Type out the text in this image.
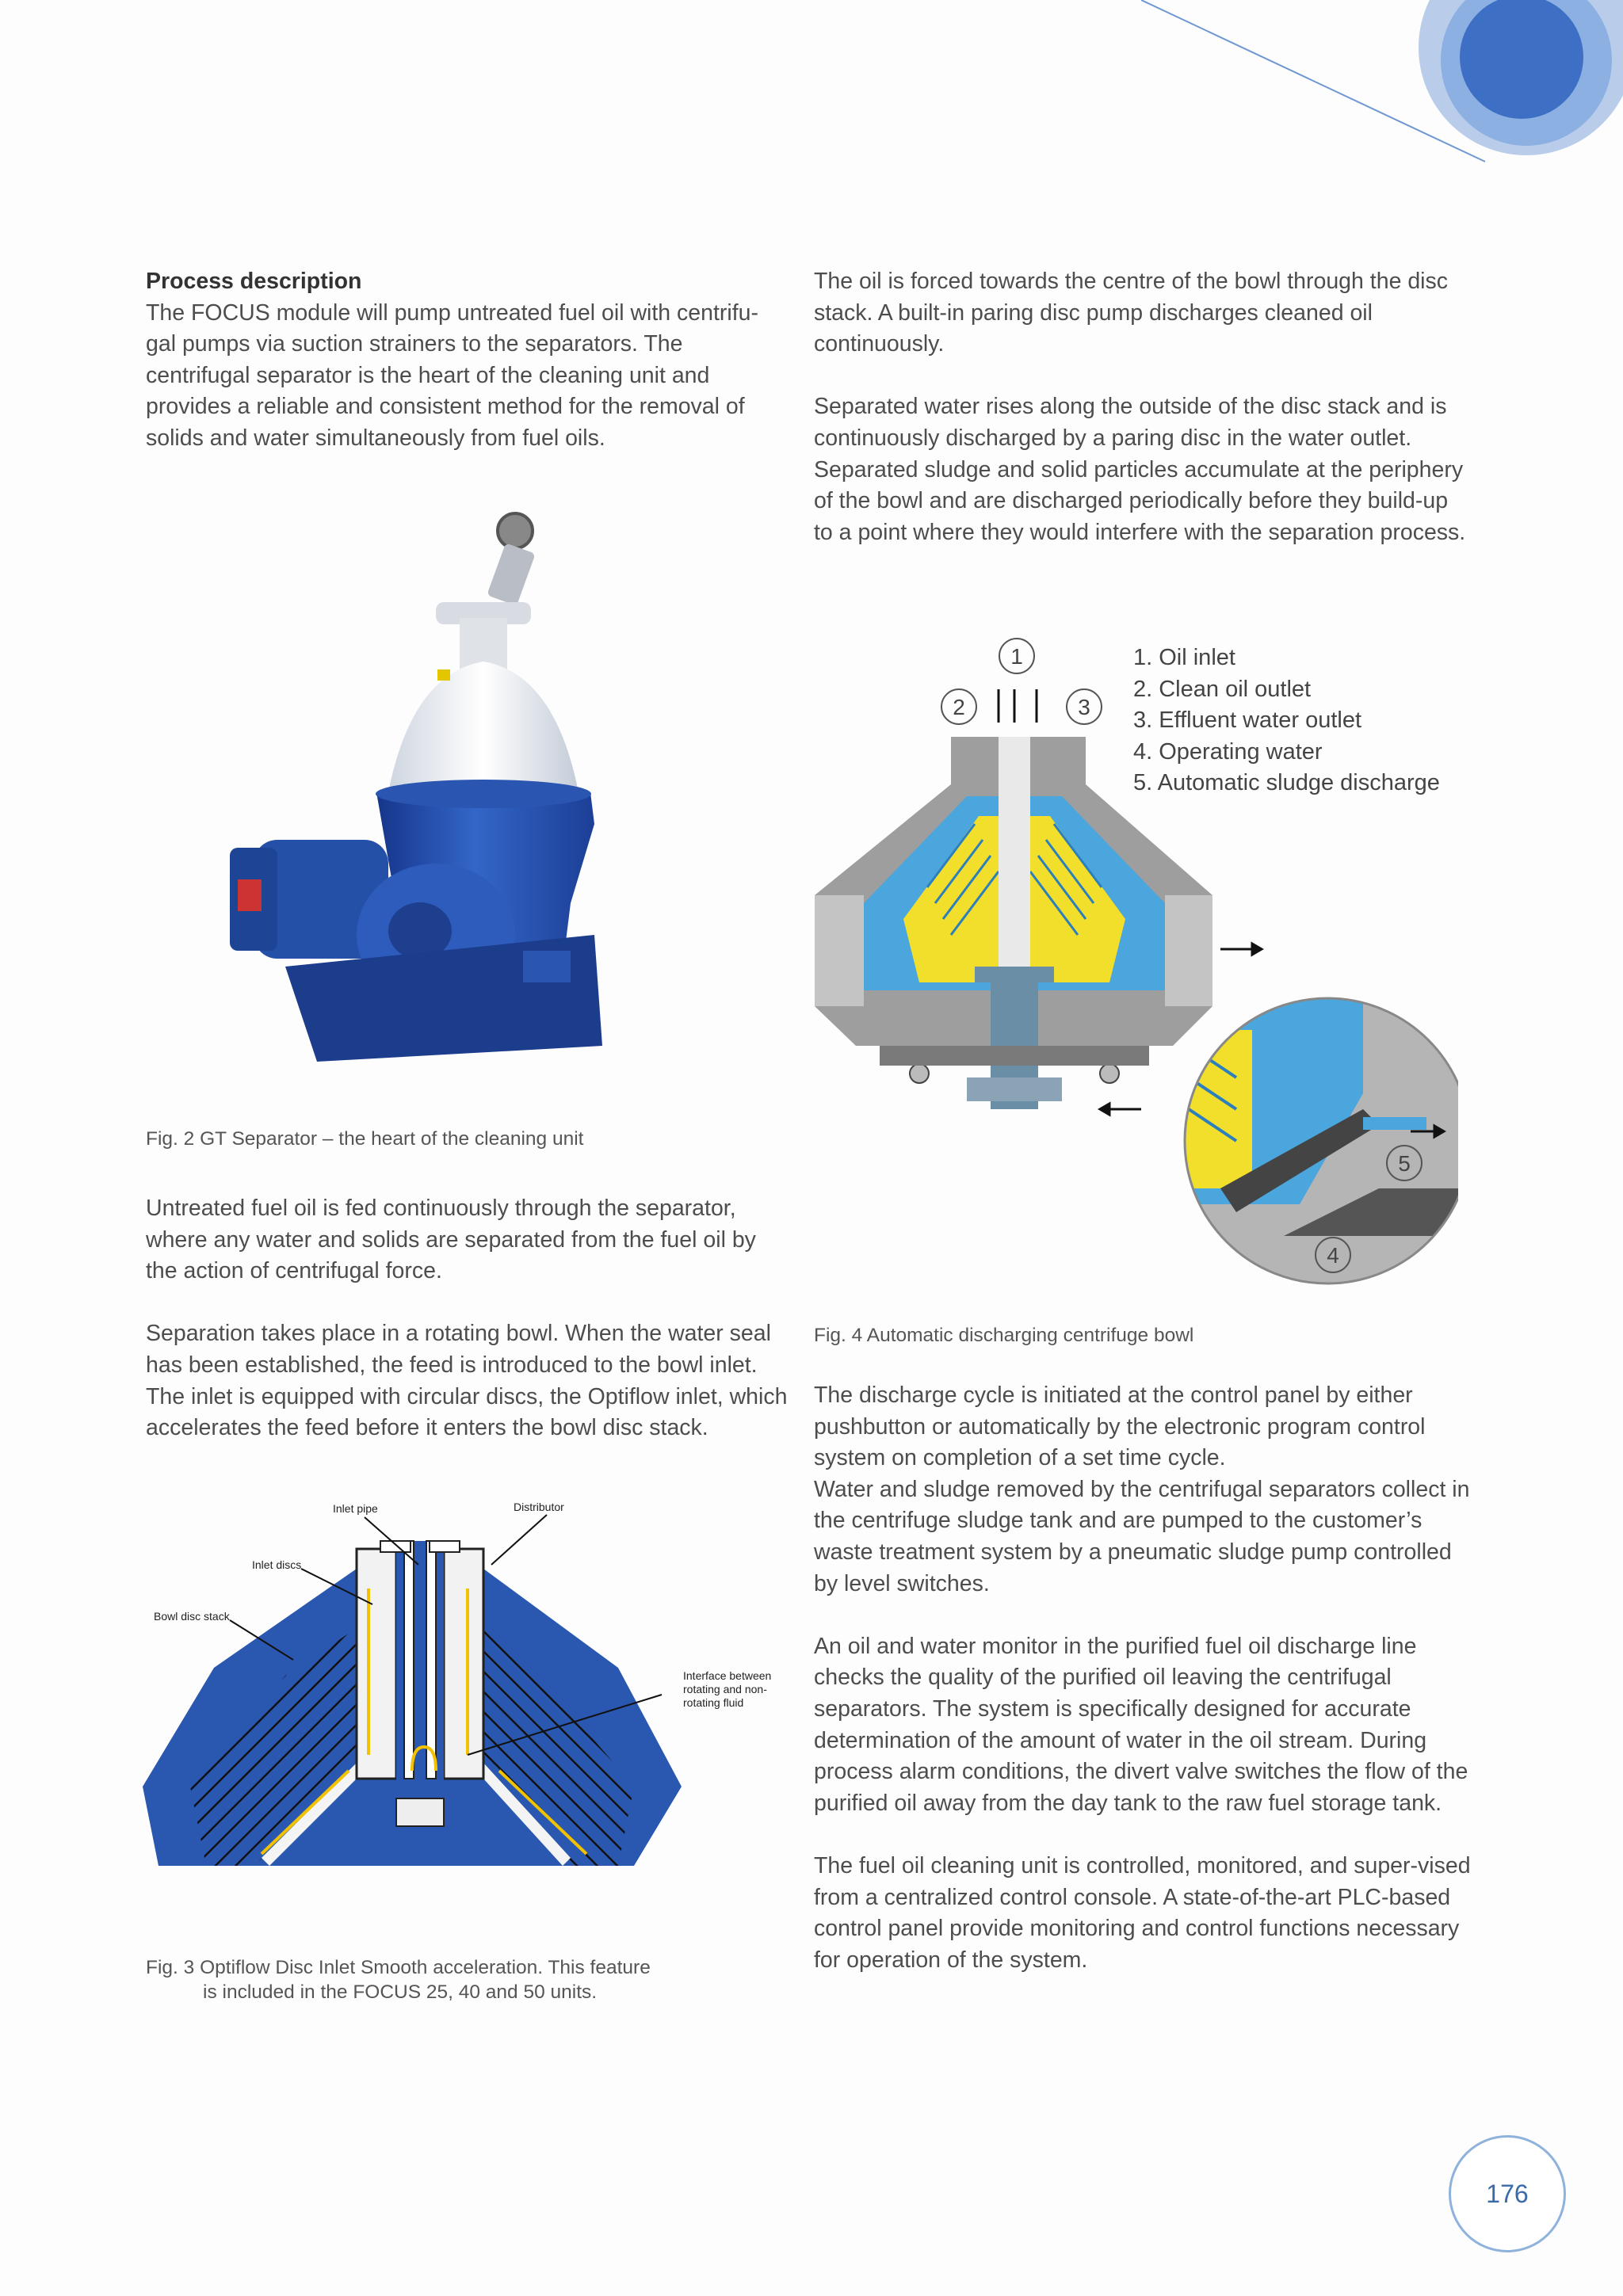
Process description
The FOCUS module will pump untreated fuel oil with centrifu-gal pumps via suction strainers to the separators. The centrifugal separator is the heart of the cleaning unit and provides a reliable and consistent method for the removal of solids and water simultaneously from fuel oils.

Fig. 2 GT Separator – the heart of the cleaning unit

Untreated fuel oil is fed continuously through the separator, where any water and solids are separated from the fuel oil by the action of centrifugal force.

Separation takes place in a rotating bowl. When the water seal has been established, the feed is introduced to the bowl inlet. The inlet is equipped with circular discs, the Optiflow inlet, which accelerates the feed before it enters the bowl disc stack.

Inlet pipe	Distributor
Inlet discs
Bowl disc stack
Interface between
rotating and non-
rotating fluid
Fig. 3 Optiflow Disc Inlet Smooth acceleration. This feature
is included in the FOCUS 25, 40 and 50 units.

The oil is forced towards the centre of the bowl through the disc stack. A built-in paring disc pump discharges cleaned oil continuously.

Separated water rises along the outside of the disc stack and is continuously discharged by a paring disc in the water outlet. Separated sludge and solid particles accumulate at the periphery of the bowl and are discharged periodically before they build-up to a point where they would interfere with the separation process.

1
2	3
5
4
1. Oil inlet
2. Clean oil outlet
3. Effluent water outlet
4. Operating water
5. Automatic sludge discharge
Fig. 4 Automatic discharging centrifuge bowl

The discharge cycle is initiated at the control panel by either pushbutton or automatically by the electronic program control system on completion of a set time cycle.
Water and sludge removed by the centrifugal separators collect in the centrifuge sludge tank and are pumped to the customer’s waste treatment system by a pneumatic sludge pump controlled by level switches.

An oil and water monitor in the purified fuel oil discharge line checks the quality of the purified oil leaving the centrifugal separators. The system is specifically designed for accurate determination of the amount of water in the oil stream. During process alarm conditions, the divert valve switches the flow of the purified oil away from the day tank to the raw fuel storage tank.

The fuel oil cleaning unit is controlled, monitored, and super-vised from a centralized control console. A state-of-the-art PLC-based control panel provide monitoring and control functions necessary for operation of the system.

176
